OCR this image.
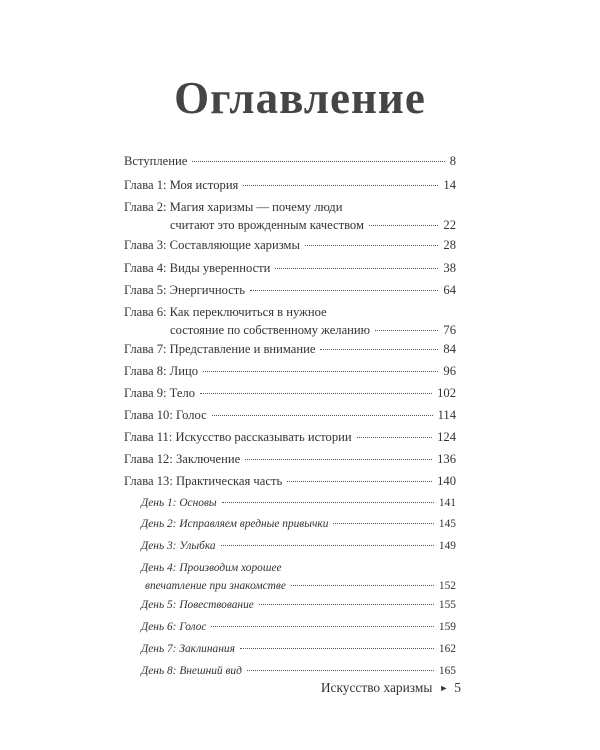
Оглавление
Вступление	8
Глава 1: Моя история	14
Глава 2: Магия харизмы — почему люди
считают это врожденным качеством	22
Глава 3: Составляющие харизмы	28
Глава 4: Виды уверенности	38
Глава 5: Энергичность	64
Глава 6: Как переключиться в нужное
состояние по собственному желанию	76
Глава 7: Представление и внимание	84
Глава 8: Лицо	96
Глава 9: Тело	102
Глава 10: Голос	114
Глава 11: Искусство рассказывать истории	124
Глава 12: Заключение	136
Глава 13: Практическая часть	140
День 1: Основы	141
День 2: Исправляем вредные привычки	145
День 3: Улыбка	149
День 4: Производим хорошее
впечатление при знакомстве	152
День 5: Повествование	155
День 6: Голос	159
День 7: Заклинания	162
День 8: Внешний вид	165
Искусство харизмы ► 5
